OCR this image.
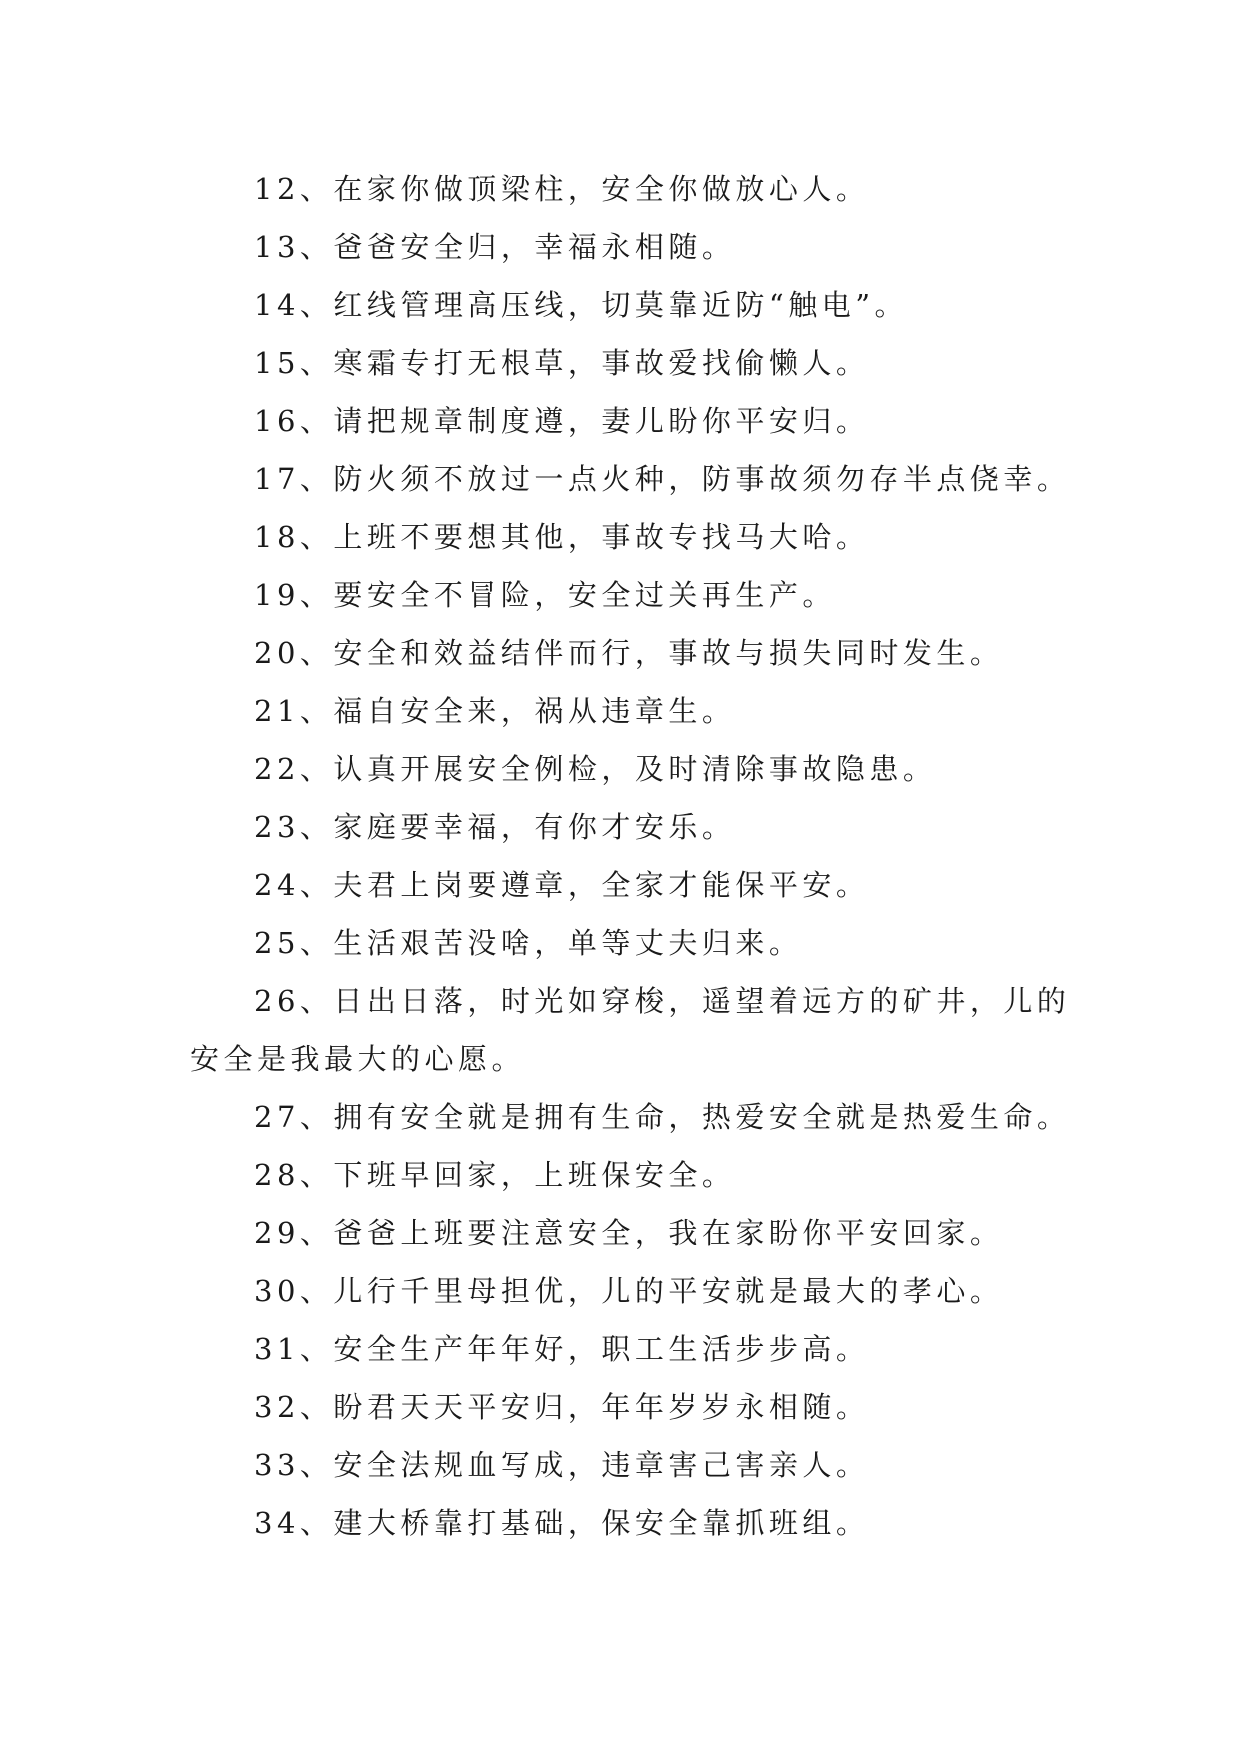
12、在家你做顶梁柱，安全你做放心人。

13、爸爸安全归，幸福永相随。

14、红线管理高压线，切莫靠近防“触电”。

15、寒霜专打无根草，事故爱找偷懒人。

16、请把规章制度遵，妻儿盼你平安归。

17、防火须不放过一点火种，防事故须勿存半点侥幸。

18、上班不要想其他，事故专找马大哈。

19、要安全不冒险，安全过关再生产。

20、安全和效益结伴而行，事故与损失同时发生。

21、福自安全来，祸从违章生。

22、认真开展安全例检，及时清除事故隐患。

23、家庭要幸福，有你才安乐。

24、夫君上岗要遵章，全家才能保平安。

25、生活艰苦没啥，单等丈夫归来。

26、日出日落，时光如穿梭，遥望着远方的矿井，儿的

安全是我最大的心愿。

27、拥有安全就是拥有生命，热爱安全就是热爱生命。

28、下班早回家，上班保安全。

29、爸爸上班要注意安全，我在家盼你平安回家。

30、儿行千里母担优，儿的平安就是最大的孝心。

31、安全生产年年好，职工生活步步高。

32、盼君天天平安归，年年岁岁永相随。

33、安全法规血写成，违章害己害亲人。

34、建大桥靠打基础，保安全靠抓班组。
